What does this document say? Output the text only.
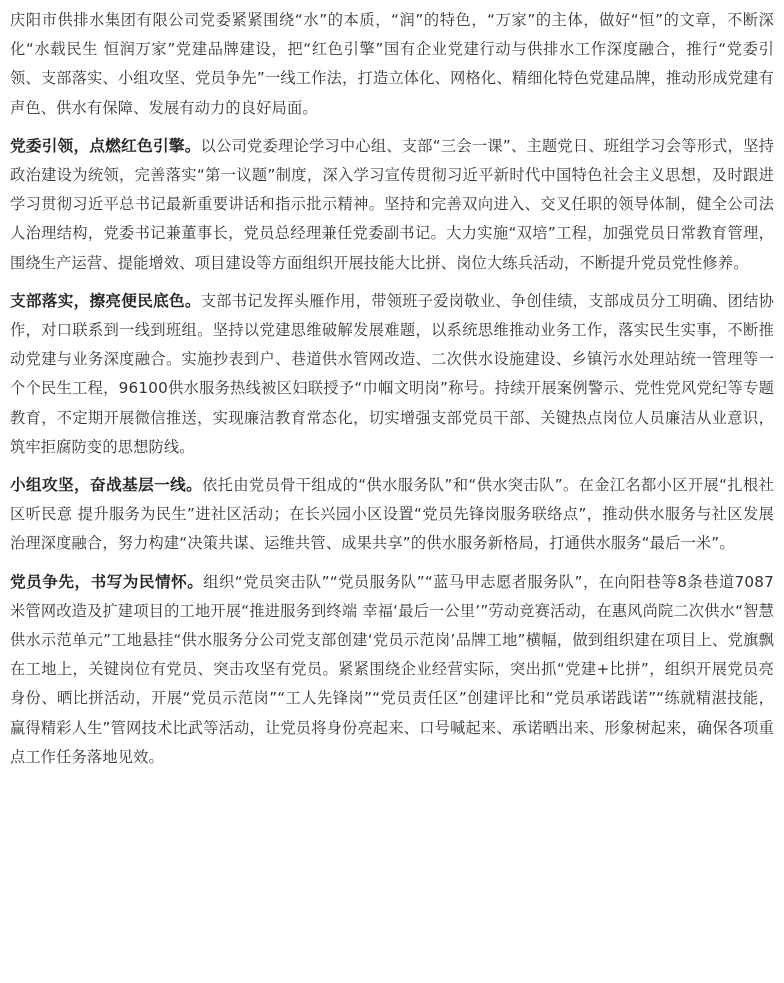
庆阳市供排水集团有限公司党委紧紧围绕“水”的本质，“润”的特色，“万家”的主体，做好“恒”的文章，不断深化“水载民生 恒润万家”党建品牌建设，把“红色引擎”国有企业党建行动与供排水工作深度融合，推行“党委引领、支部落实、小组攻坚、党员争先”一线工作法，打造立体化、网格化、精细化特色党建品牌，推动形成党建有声色、供水有保障、发展有动力的良好局面。

党委引领，点燃红色引擎。以公司党委理论学习中心组、支部“三会一课”、主题党日、班组学习会等形式，坚持政治建设为统领，完善落实“第一议题”制度，深入学习宣传贯彻习近平新时代中国特色社会主义思想，及时跟进学习贯彻习近平总书记最新重要讲话和指示批示精神。坚持和完善双向进入、交叉任职的领导体制，健全公司法人治理结构，党委书记兼董事长，党员总经理兼任党委副书记。大力实施“双培”工程，加强党员日常教育管理，围绕生产运营、提能增效、项目建设等方面组织开展技能大比拼、岗位大练兵活动，不断提升党员党性修养。

支部落实，擦亮便民底色。支部书记发挥头雁作用，带领班子爱岗敬业、争创佳绩，支部成员分工明确、团结协作，对口联系到一线到班组。坚持以党建思维破解发展难题，以系统思维推动业务工作，落实民生实事，不断推动党建与业务深度融合。实施抄表到户、巷道供水管网改造、二次供水设施建设、乡镇污水处理站统一管理等一个个民生工程，96100供水服务热线被区妇联授予“巾帼文明岗”称号。持续开展案例警示、党性党风党纪等专题教育，不定期开展微信推送，实现廉洁教育常态化，切实增强支部党员干部、关键热点岗位人员廉洁从业意识，筑牢拒腐防变的思想防线。

小组攻坚，奋战基层一线。依托由党员骨干组成的“供水服务队”和“供水突击队”。在金江名都小区开展“扎根社区听民意 提升服务为民生”进社区活动；在长兴园小区设置“党员先锋岗服务联络点”，推动供水服务与社区发展治理深度融合，努力构建“决策共谋、运维共管、成果共享”的供水服务新格局，打通供水服务“最后一米”。

党员争先，书写为民情怀。组织“党员突击队”“党员服务队”“蓝马甲志愿者服务队”，在向阳巷等8条巷道7087米管网改造及扩建项目的工地开展“推进服务到终端 幸福‘最后一公里’”劳动竞赛活动，在惠风尚院二次供水“智慧供水示范单元”工地悬挂“供水服务分公司党支部创建‘党员示范岗’品牌工地”横幅，做到组织建在项目上、党旗飘在工地上，关键岗位有党员、突击攻坚有党员。紧紧围绕企业经营实际，突出抓“党建+比拼”，组织开展党员亮身份、晒比拼活动，开展“党员示范岗”“工人先锋岗”“党员责任区”创建评比和“党员承诺践诺”“练就精湛技能，赢得精彩人生”管网技术比武等活动，让党员将身份亮起来、口号喊起来、承诺晒出来、形象树起来，确保各项重点工作任务落地见效。
